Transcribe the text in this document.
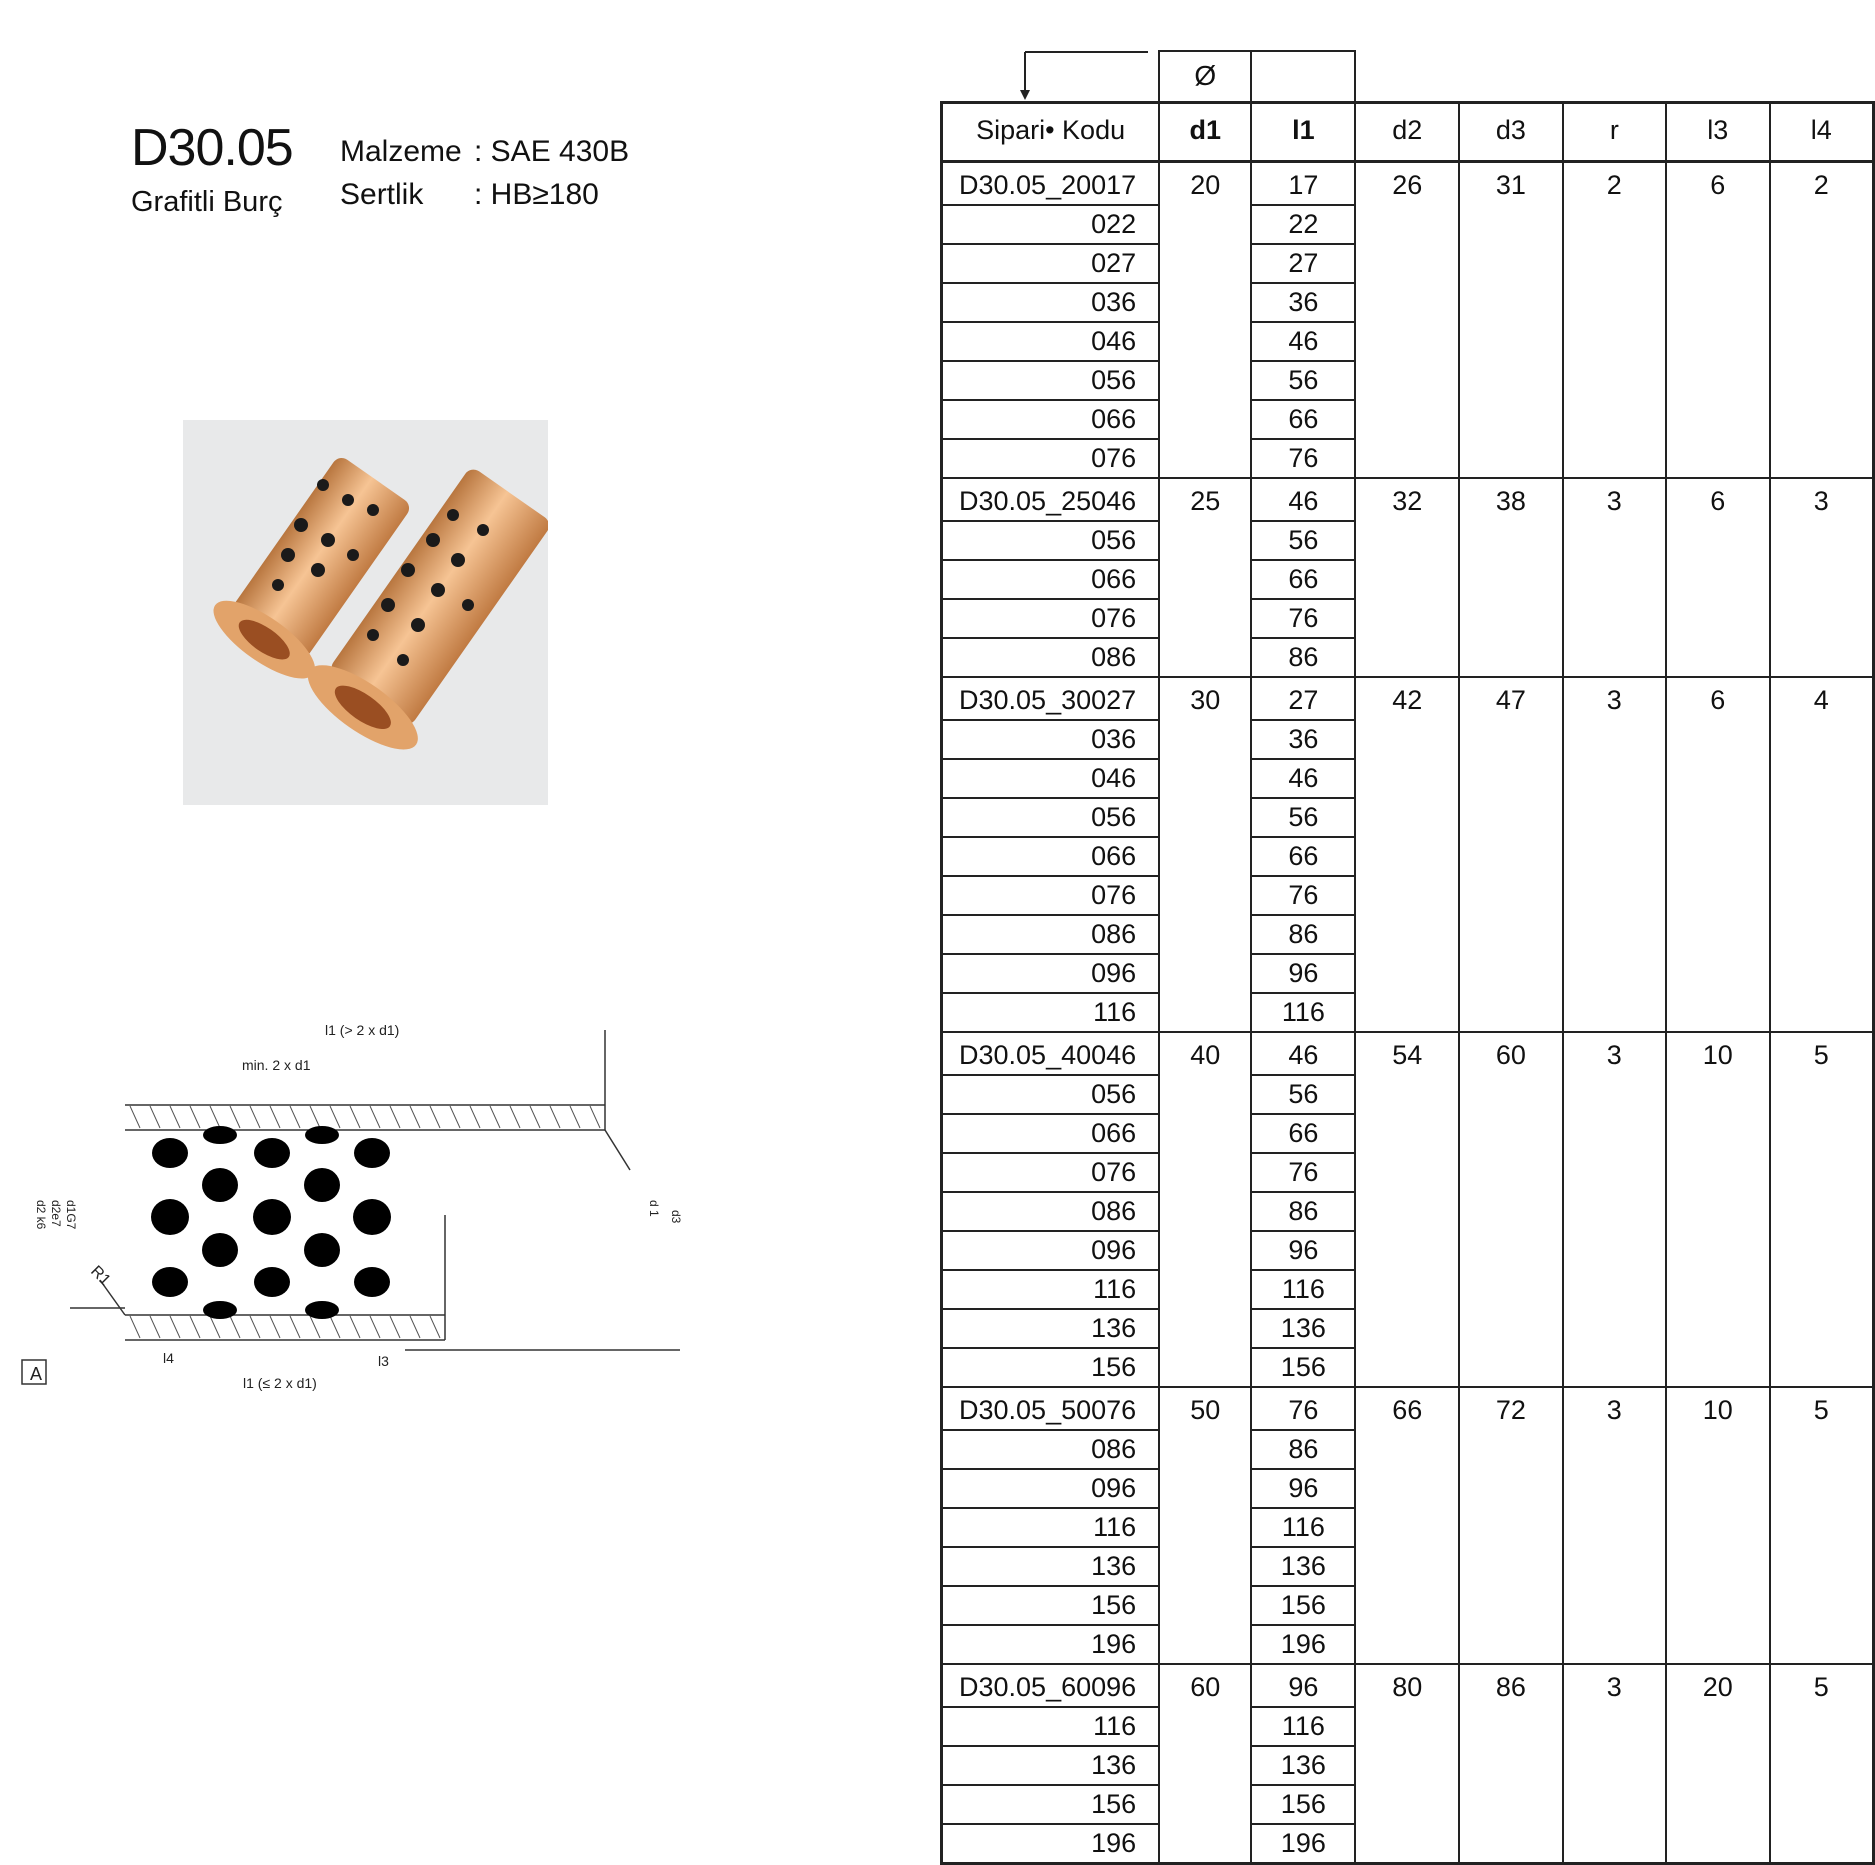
D30.05
Grafitli Burç
Malzeme : SAE 430B
Sertlik : HB≥180
l1 (> 2 x d1)
min. 2 x d1
l1 (≤ 2 x d1)
l4	l3
R1
A
d1G7
d2e7
d2 k6	d3
d 1
	Ø						
Sipari• Kodu	d1	l1	d2	d3	r	l3	l4
D30.05_20017	20	17	26	31	2	6	2
022		22					
027		27					
036		36					
046		46					
056		56					
066		66					
076		76					
D30.05_25046	25	46	32	38	3	6	3
056		56					
066		66					
076		76					
086		86					
D30.05_30027	30	27	42	47	3	6	4
036		36					
046		46					
056		56					
066		66					
076		76					
086		86					
096		96					
116		116					
D30.05_40046	40	46	54	60	3	10	5
056		56					
066		66					
076		76					
086		86					
096		96					
116		116					
136		136					
156		156					
D30.05_50076	50	76	66	72	3	10	5
086		86					
096		96					
116		116					
136		136					
156		156					
196		196					
D30.05_60096	60	96	80	86	3	20	5
116		116					
136		136					
156		156					
196		196					
